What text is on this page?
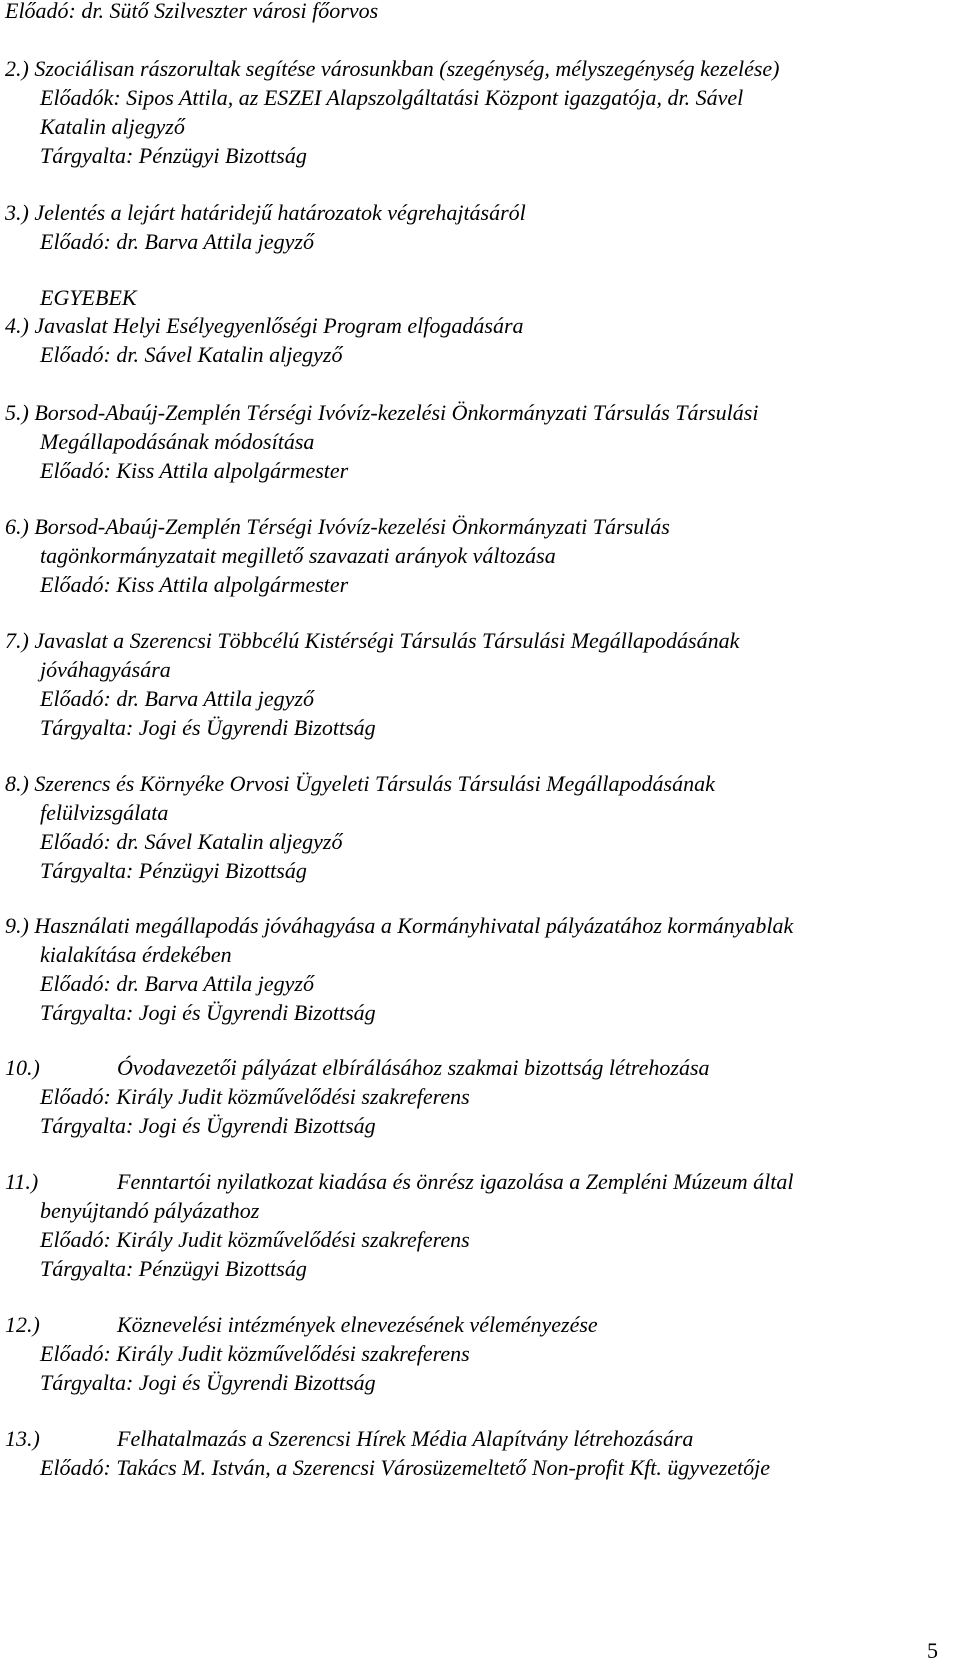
Előadó: dr. Sütő Szilveszter városi főorvos
2.) Szociálisan rászorultak segítése városunkban (szegénység, mélyszegénység kezelése)
Előadók: Sipos Attila, az ESZEI Alapszolgáltatási Központ igazgatója, dr. Sável
Katalin aljegyző
Tárgyalta: Pénzügyi Bizottság
3.) Jelentés a lejárt határidejű határozatok végrehajtásáról
Előadó: dr. Barva Attila jegyző
EGYEBEK
4.) Javaslat Helyi Esélyegyenlőségi Program elfogadására
Előadó: dr. Sável Katalin aljegyző
5.) Borsod-Abaúj-Zemplén Térségi Ivóvíz-kezelési Önkormányzati Társulás Társulási
Megállapodásának módosítása
Előadó: Kiss Attila alpolgármester
6.) Borsod-Abaúj-Zemplén Térségi Ivóvíz-kezelési Önkormányzati Társulás
tagönkormányzatait megillető szavazati arányok változása
Előadó: Kiss Attila alpolgármester
7.) Javaslat a Szerencsi Többcélú Kistérségi Társulás Társulási Megállapodásának
jóváhagyására
Előadó: dr. Barva Attila jegyző
Tárgyalta: Jogi és Ügyrendi Bizottság
8.) Szerencs és Környéke Orvosi Ügyeleti Társulás Társulási Megállapodásának
felülvizsgálata
Előadó: dr. Sável Katalin aljegyző
Tárgyalta: Pénzügyi Bizottság
9.) Használati megállapodás jóváhagyása a Kormányhivatal pályázatához kormányablak
kialakítása érdekében
Előadó: dr. Barva Attila jegyző
Tárgyalta: Jogi és Ügyrendi Bizottság
10.)	Óvodavezetői pályázat elbírálásához szakmai bizottság létrehozása
Előadó: Király Judit közművelődési szakreferens
Tárgyalta: Jogi és Ügyrendi Bizottság
11.)	Fenntartói nyilatkozat kiadása és önrész igazolása a Zempléni Múzeum által
benyújtandó pályázathoz
Előadó: Király Judit közművelődési szakreferens
Tárgyalta: Pénzügyi Bizottság
12.)	Köznevelési intézmények elnevezésének véleményezése
Előadó: Király Judit közművelődési szakreferens
Tárgyalta: Jogi és Ügyrendi Bizottság
13.)	Felhatalmazás a Szerencsi Hírek Média Alapítvány létrehozására
Előadó: Takács M. István, a Szerencsi Városüzemeltető Non-profit Kft. ügyvezetője
5
